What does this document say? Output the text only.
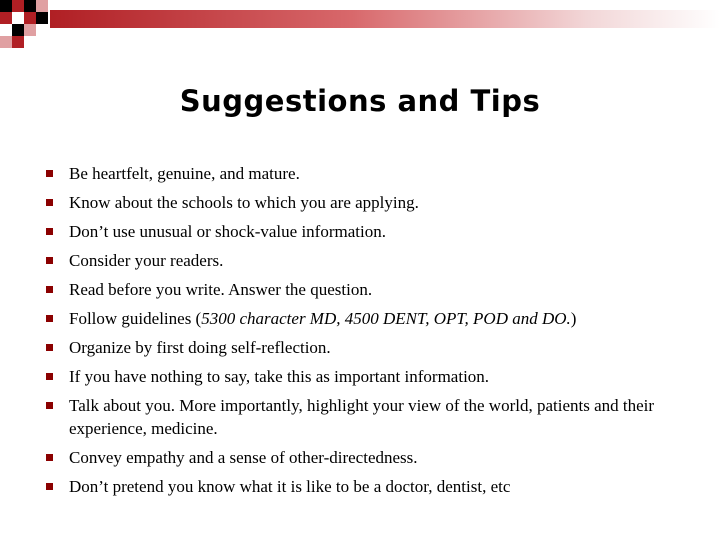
Suggestions and Tips
Be heartfelt, genuine, and mature.
Know about the schools to which you are applying.
Don’t use unusual or shock-value information.
Consider your readers.
Read before you write. Answer the question.
Follow guidelines (5300 character MD, 4500 DENT, OPT, POD and DO.)
Organize by first doing self-reflection.
If you have nothing to say, take this as important information.
Talk about you. More importantly, highlight your view of the world, patients and their experience, medicine.
Convey empathy and a sense of other-directedness.
Don’t pretend you know what it is like to be a doctor, dentist, etc
